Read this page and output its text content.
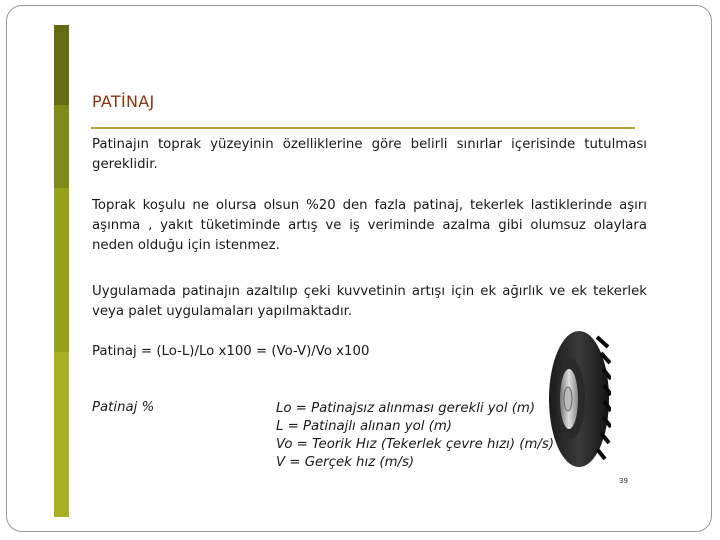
PATİNAJ

Patinajın toprak yüzeyinin özelliklerine göre belirli sınırlar içerisinde tutulması gereklidir.

Toprak koşulu ne olursa olsun %20 den fazla patinaj, tekerlek lastiklerinde aşırı aşınma , yakıt tüketiminde artış ve iş veriminde azalma gibi olumsuz olaylara neden olduğu için istenmez.

Uygulamada patinajın azaltılıp çeki kuvvetinin artışı için ek ağırlık ve ek tekerlek veya palet uygulamaları yapılmaktadır.

Patinaj = (Lo-L)/Lo x100 = (Vo-V)/Vo x100
Patinaj %	Lo = Patinajsız alınması gerekli yol (m)
L = Patinajlı alınan yol (m)
Vo = Teorik Hız (Tekerlek çevre hızı) (m/s)
V = Gerçek hız (m/s)
39
